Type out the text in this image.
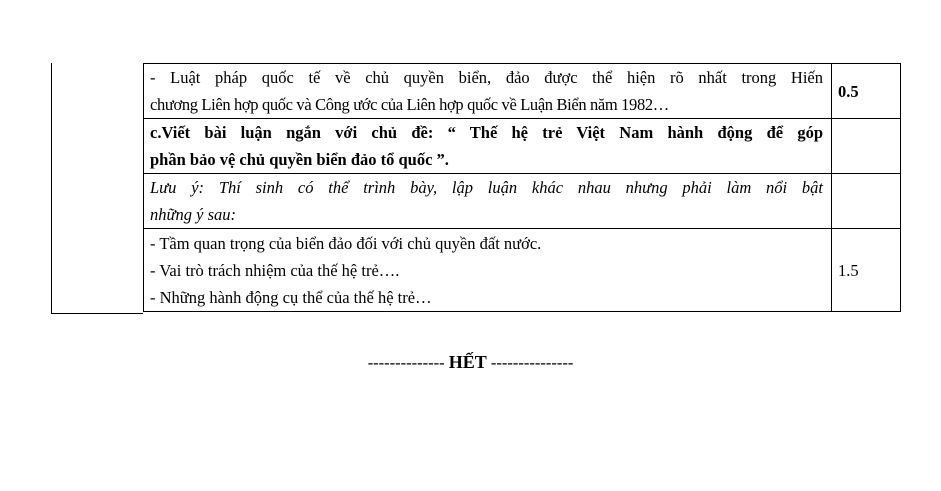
- Luật pháp quốc tế về chủ quyền biển, đảo được thể hiện rõ nhất trong Hiến
chương Liên hợp quốc và Công ước của Liên hợp quốc về Luận Biển năm 1982…	0.5

c.Viết bài luận ngắn với chủ đề: “ Thế hệ trẻ Việt Nam hành động để góp
phần bảo vệ chủ quyền biển đảo tổ quốc ”.	

Lưu ý: Thí sinh có thể trình bày, lập luận khác nhau nhưng phải làm nổi bật
những ý sau:	

- Tầm quan trọng của biển đảo đối với chủ quyền đất nước.
- Vai trò trách nhiệm của thế hệ trẻ….
- Những hành động cụ thể của thế hệ trẻ…	1.5
-------------- HẾT ---------------
